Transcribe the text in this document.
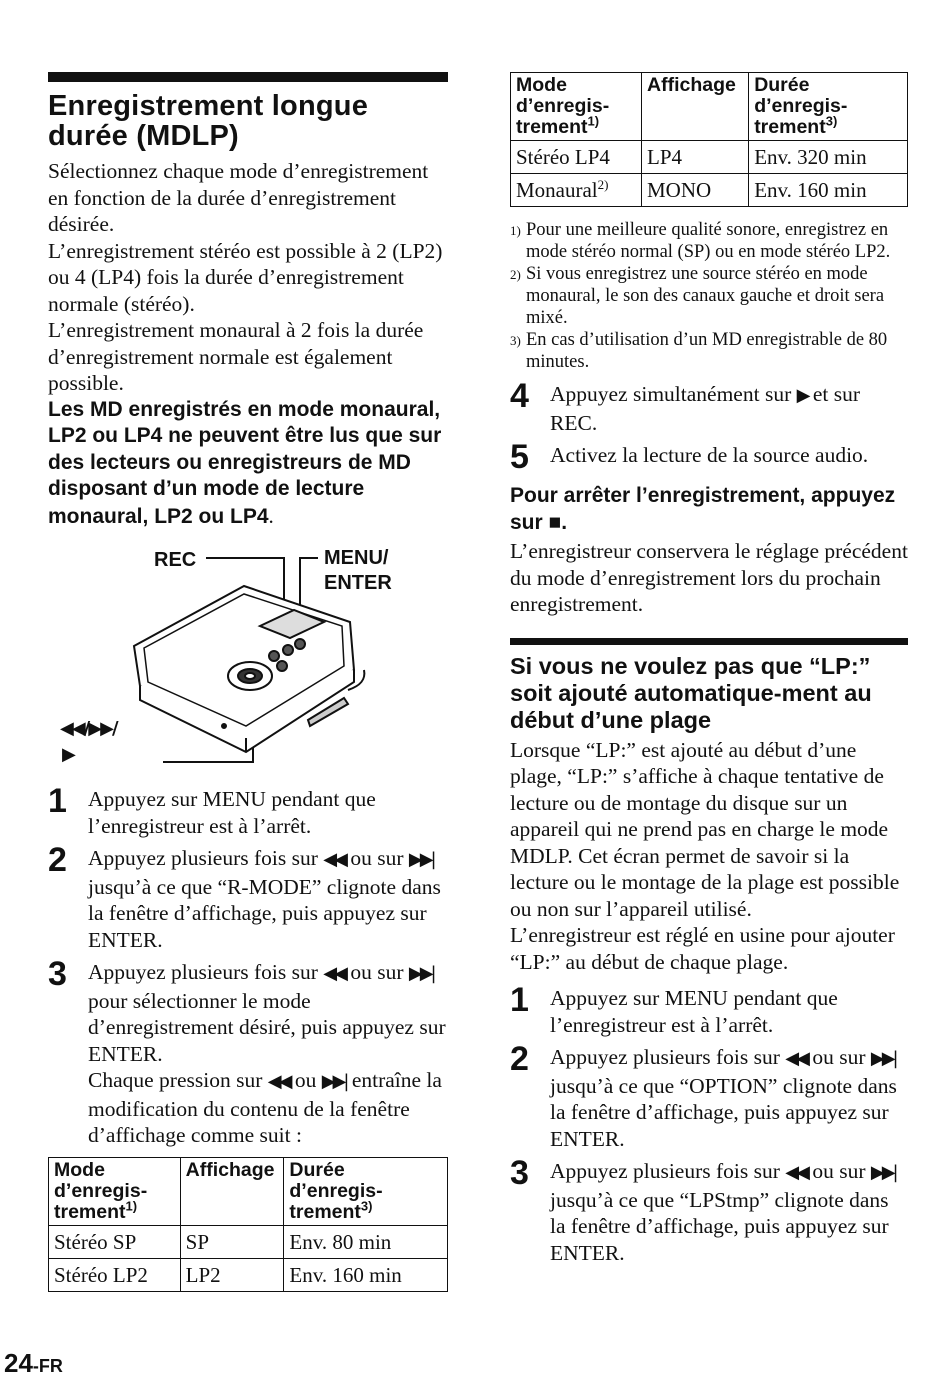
Enregistrement longue durée (MDLP)

Sélectionnez chaque mode d’enregistrement en fonction de la durée d’enregistrement désirée.

L’enregistrement stéréo est possible à 2 (LP2) ou 4 (LP4) fois la durée d’enregistrement normale (stéréo).

L’enregistrement monaural à 2 fois la durée d’enregistrement normale est également possible.

Les MD enregistrés en mode monaural, LP2 ou LP4 ne peuvent être lus que sur des lecteurs ou enregistreurs de MD disposant d’un mode de lecture monaural, LP2 ou LP4.

REC	MENU/
ENTER
◀◀/▶▶/
▶
1 Appuyez sur MENU pendant que l’enregistreur est à l’arrêt.
2 Appuyez plusieurs fois sur ◀◀ ou sur ▶▶| jusqu’à ce que “R-MODE” clignote dans la fenêtre d’affichage, puis appuyez sur ENTER.
3 Appuyez plusieurs fois sur ◀◀ ou sur ▶▶| pour sélectionner le mode d’enregistrement désiré, puis appuyez sur ENTER.
Chaque pression sur ◀◀ ou ▶▶| entraîne la modification du contenu de la fenêtre d’affichage comme suit :
Mode d’enregis-trement$^{1)}$	Affichage	Durée d’enregis-trement$^{3)}$
Stéréo SP	SP	Env. 80 min
Stéréo LP2	LP2	Env. 160 min
Mode d’enregis-trement$^{1)}$	Affichage	Durée d’enregis-trement$^{3)}$
Stéréo LP4	LP4	Env. 320 min
Monaural$^{2)}$	MONO	Env. 160 min
1) Pour une meilleure qualité sonore, enregistrez en mode stéréo normal (SP) ou en mode stéréo LP2.
2) Si vous enregistrez une source stéréo en mode monaural, le son des canaux gauche et droit sera mixé.
3) En cas d’utilisation d’un MD enregistrable de 80 minutes.
4 Appuyez simultanément sur ▶ et sur REC.
5 Activez la lecture de la source audio.
Pour arrêter l’enregistrement, appuyez sur ■.

L’enregistreur conservera le réglage précédent du mode d’enregistrement lors du prochain enregistrement.

Si vous ne voulez pas que “LP:” soit ajouté automatique-ment au début d’une plage

Lorsque “LP:” est ajouté au début d’une plage, “LP:” s’affiche à chaque tentative de lecture ou de montage du disque sur un appareil qui ne prend pas en charge le mode MDLP. Cet écran permet de savoir si la lecture ou le montage de la plage est possible ou non sur l’appareil utilisé.

L’enregistreur est réglé en usine pour ajouter “LP:” au début de chaque plage.

1 Appuyez sur MENU pendant que l’enregistreur est à l’arrêt.
2 Appuyez plusieurs fois sur ◀◀ ou sur ▶▶| jusqu’à ce que “OPTION” clignote dans la fenêtre d’affichage, puis appuyez sur ENTER.
3 Appuyez plusieurs fois sur ◀◀ ou sur ▶▶| jusqu’à ce que “LPStmp” clignote dans la fenêtre d’affichage, puis appuyez sur ENTER.
24-FR
